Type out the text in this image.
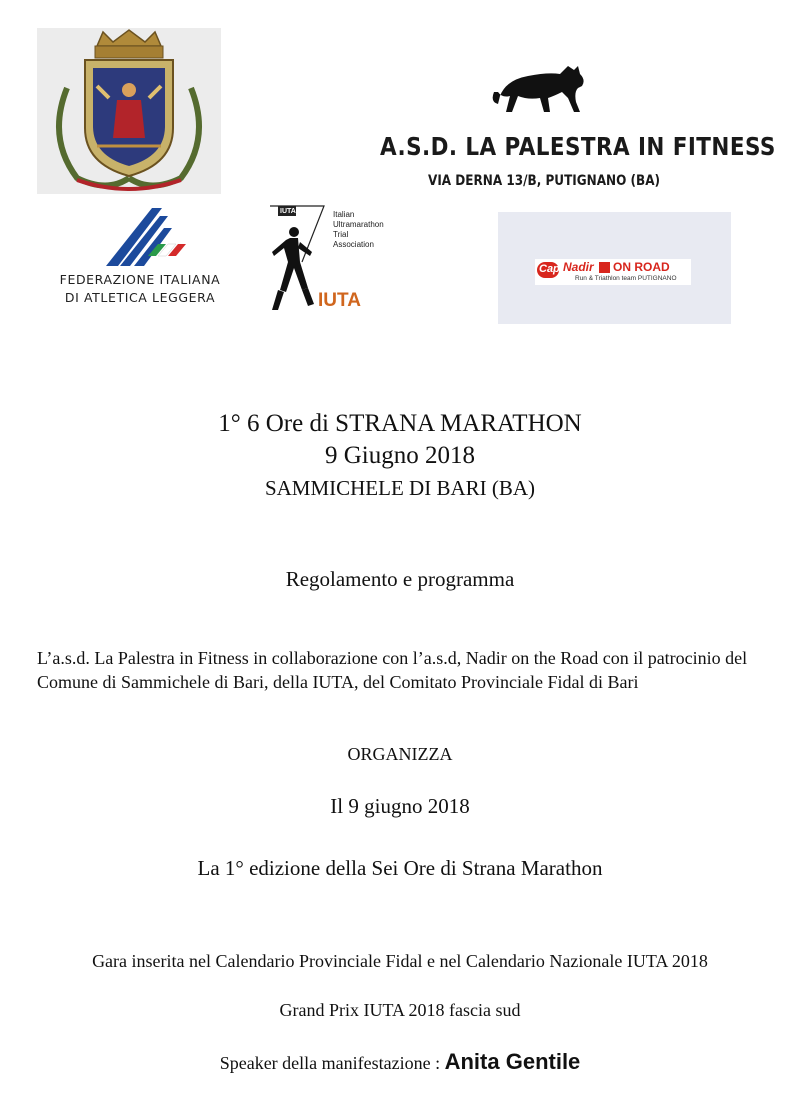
A.S.D. LA PALESTRA IN FITNESS
VIA DERNA 13/B, PUTIGNANO (BA)
FEDERAZIONE ITALIANA
DI ATLETICA LEGGERA
IUTA	Italian
Ultramarathon
Trial
Association
IUTA
Cap Nadir ON ROAD
Run & Triathlon team PUTIGNANO
1° 6 Ore di STRANA MARATHON
9 Giugno 2018
SAMMICHELE DI BARI (BA)
Regolamento e programma

L’a.s.d. La Palestra in Fitness in collaborazione con l’a.s.d, Nadir on the Road con il patrocinio del Comune di Sammichele di Bari, della IUTA, del Comitato Provinciale Fidal di Bari

ORGANIZZA
Il 9 giugno 2018
La 1° edizione della Sei Ore di Strana Marathon
Gara inserita nel Calendario Provinciale Fidal e nel Calendario Nazionale IUTA 2018
Grand Prix IUTA 2018 fascia sud
Speaker della manifestazione : Anita Gentile
